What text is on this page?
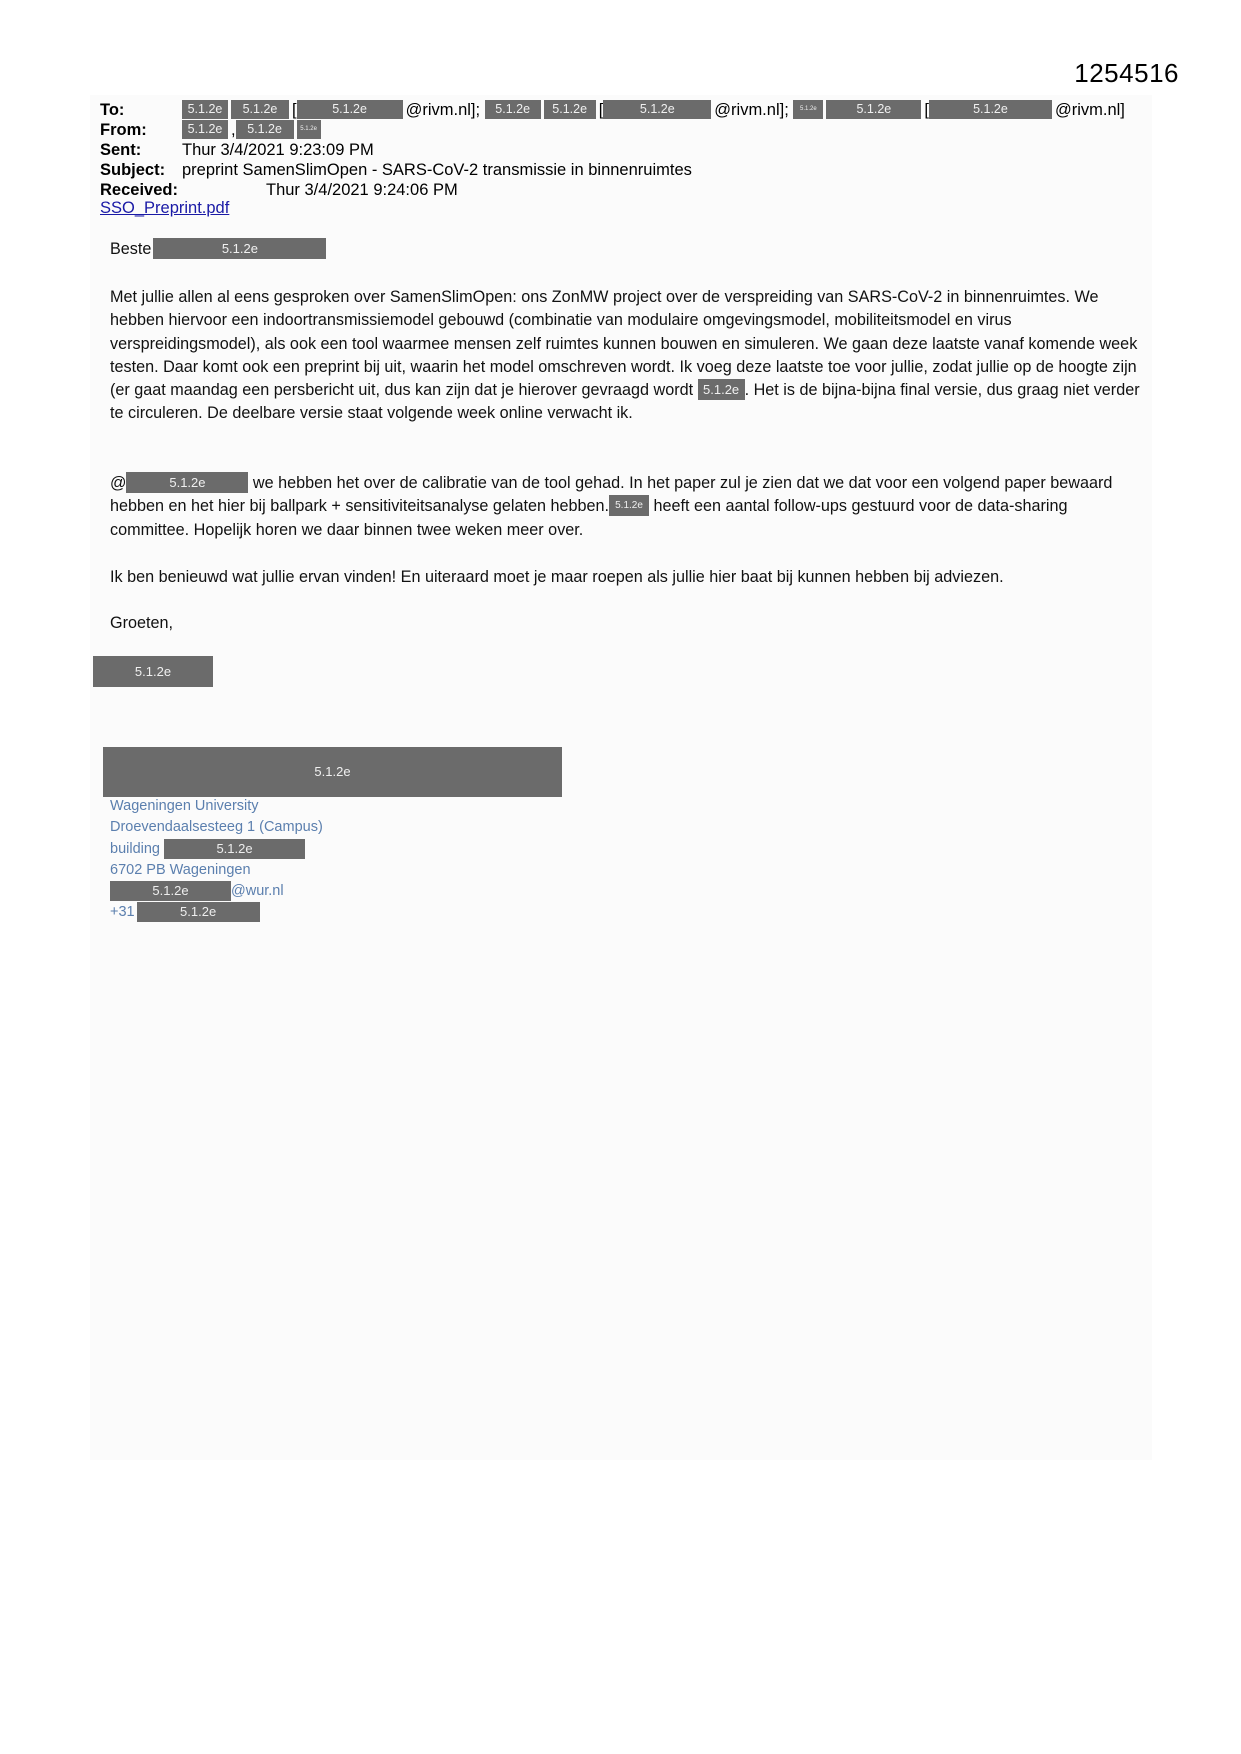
1254516
To:	5.1.2e 5.1.2e [	5.1.2e @rivm.nl]; 5.1.2e 5.1.2e [	5.1.2e @rivm.nl]; 5.1.2e	5.1.2e [	5.1.2e	@rivm.nl]
From:	5.1.2e , 5.1.2e	5.1.2e
Sent: Thur 3/4/2021 9:23:09 PM
Subject: preprint SamenSlimOpen - SARS-CoV-2 transmissie in binnenruimtes
Received:	Thur 3/4/2021 9:24:06 PM
SSO_Preprint.pdf
Beste	5.1.2e

Met jullie allen al eens gesproken over SamenSlimOpen: ons ZonMW project over de verspreiding van SARS-CoV-2 in binnenruimtes. We hebben hiervoor een indoortransmissiemodel gebouwd (combinatie van modulaire omgevingsmodel, mobiliteitsmodel en virus verspreidingsmodel), als ook een tool waarmee mensen zelf ruimtes kunnen bouwen en simuleren. We gaan deze laatste vanaf komende week testen. Daar komt ook een preprint bij uit, waarin het model omschreven wordt. Ik voeg deze laatste toe voor jullie, zodat jullie op de hoogte zijn (er gaat maandag een persbericht uit, dus kan zijn dat je hierover gevraagd wordt 5.1.2e . Het is de bijna-bijna final versie, dus graag niet verder te circuleren. De deelbare versie staat volgende week online verwacht ik.

@	5.1.2e	we hebben het over de calibratie van de tool gehad. In het paper zul je zien dat we dat voor een volgend paper bewaard hebben en het hier bij ballpark + sensitiviteitsanalyse gelaten hebben. 5.1.2e heeft een aantal follow-ups gestuurd voor de data-sharing committee. Hopelijk horen we daar binnen twee weken meer over.

Ik ben benieuwd wat jullie ervan vinden! En uiteraard moet je maar roepen als jullie hier baat bij kunnen hebben bij adviezen.

Groeten,

5.1.2e
5.1.2e
Wageningen University
Droevendaalsesteeg 1 (Campus)
building	5.1.2e
6702 PB Wageningen
5.1.2e	@wur.nl
+31	5.1.2e
